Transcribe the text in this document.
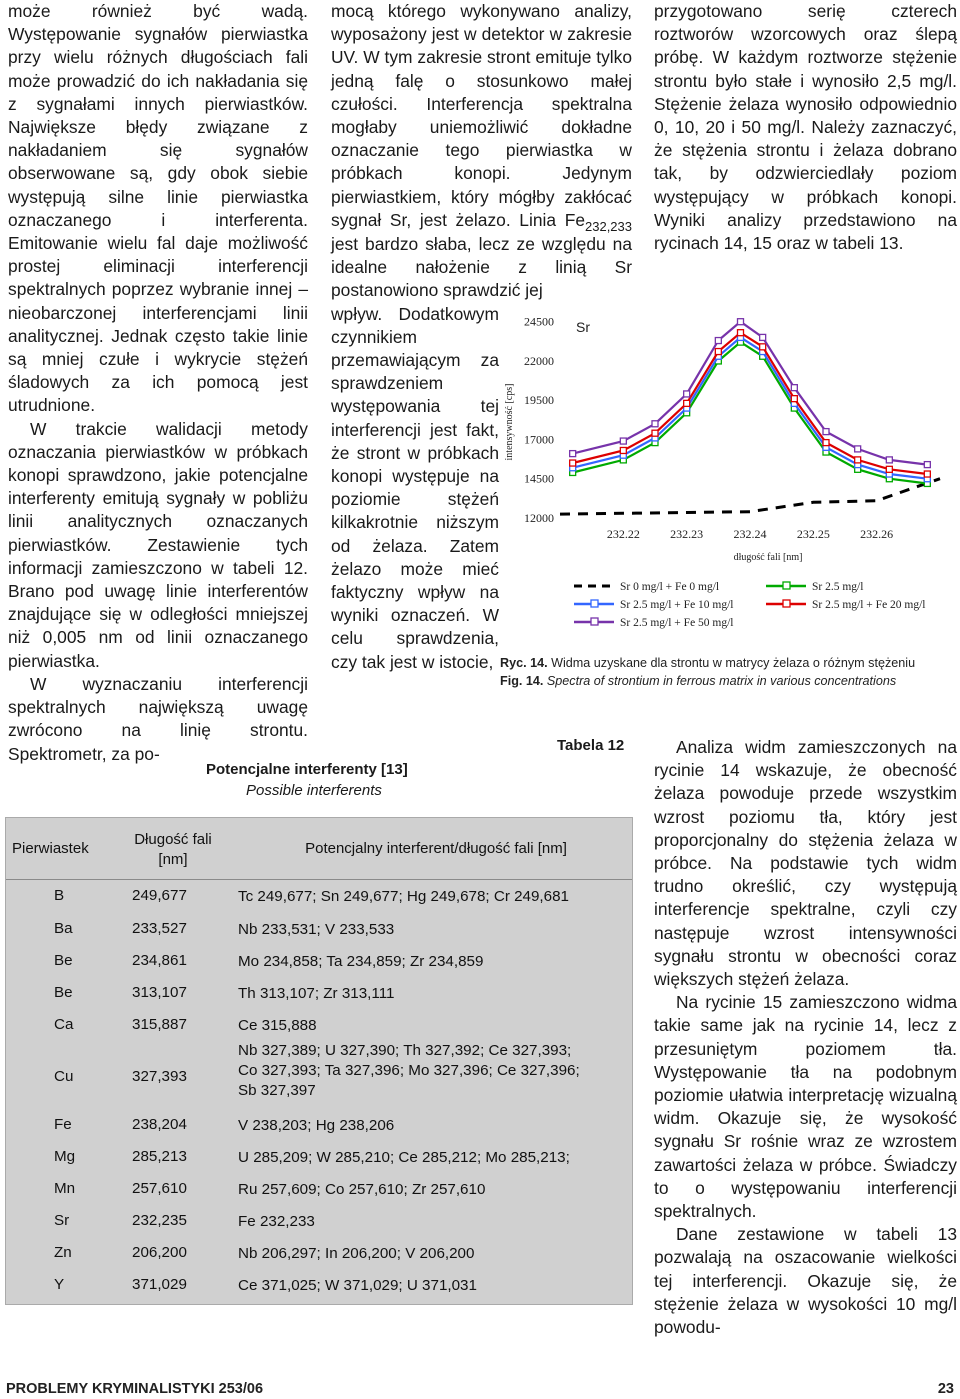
może również być wadą. Występowanie sygnałów pierwiastka przy wielu różnych długościach fali może prowadzić do ich nakładania się z sygnałami innych pierwiastków. Największe błędy związane z nakładaniem się sygnałów obserwowane są, gdy obok siebie występują silne linie pierwiastka oznaczanego i interferenta. Emitowanie wielu fal daje możliwość prostej eliminacji interferencji spektralnych poprzez wybranie innej – nieobarczonej interferencjami linii analitycznej. Jednak często takie linie są mniej czułe i wykrycie stężeń śladowych za ich pomocą jest utrudnione.

W trakcie walidacji metody oznaczania pierwiastków w próbkach konopi sprawdzono, jakie potencjalne interferenty emitują sygnały w pobliżu linii analitycznych oznaczanych pierwiastków. Zestawienie tych informacji zamieszczono w tabeli 12. Brano pod uwagę linie interferentów znajdujące się w odległości mniejszej niż 0,005 nm od linii oznaczanego pierwiastka.

W wyznaczaniu interferencji spektralnych największą uwagę zwrócono na linię strontu. Spektrometr, za po-

mocą którego wykonywano analizy, wyposażony jest w detektor w zakresie UV. W tym zakresie stront emituje tylko jedną falę o stosunkowo małej czułości. Interferencja spektralna mogłaby uniemożliwić dokładne oznaczanie tego pierwiastka w próbkach konopi. Jedynym pierwiastkiem, który mógłby zakłócać sygnał Sr, jest żelazo. Linia $Fe_{232,233}$ jest bardzo słaba, lecz ze względu na idealne nałożenie z linią Sr postanowiono sprawdzić jej

wpływ. Dodatkowym czynnikiem przemawiającym za sprawdzeniem występowania tej interferencji jest fakt, że stront w próbkach konopi występuje na poziomie stężeń kilkakrotnie niższym od żelaza. Zatem żelazo może mieć faktyczny wpływ na wyniki oznaczeń. W celu sprawdzenia, czy tak jest w istocie,

przygotowano serię czterech roztworów wzorcowych oraz ślepą próbę. W każdym roztworze stężenie strontu było stałe i wynosiło 2,5 mg/l. Stężenie żelaza wynosiło odpowiednio 0, 10, 20 i 50 mg/l. Należy zaznaczyć, że stężenia strontu i żelaza dobrano tak, by odzwierciedlały poziom występujący w próbkach konopi. Wyniki analizy przedstawiono na rycinach 14, 15 oraz w tabeli 13.

12000
14500
17000
19500
22000
24500
232.22	232.23	232.24	232.25	232.26
intensywność [cps]
długość fali [nm]
Sr
Sr 0 mg/l + Fe 0 mg/l
Sr 2.5 mg/l + Fe 10 mg/l
Sr 2.5 mg/l + Fe 50 mg/l
Sr 2.5 mg/l
Sr 2.5 mg/l + Fe 20 mg/l
Ryc. 14. Widma uzyskane dla strontu w matrycy żelaza o różnym stężeniu
Fig. 14. Spectra of strontium in ferrous matrix in various concentrations
Tabela 12
Potencjalne interferenty [13]
Possible interferents
Pierwiastek
Długość fali
[nm]
Potencjalny interferent/długość fali [nm]
B	249,677	Tc 249,677; Sn 249,677; Hg 249,678; Cr 249,681
Ba	233,527	Nb 233,531; V 233,533
Be	234,861	Mo 234,858; Ta 234,859; Zr 234,859
Be	313,107	Th 313,107; Zr 313,111
Ca	315,887	Ce 315,888
Cu	327,393
Nb 327,389; U 327,390; Th 327,392; Ce 327,393;
Co 327,393; Ta 327,396; Mo 327,396; Ce 327,396;
Sb 327,397
Fe	238,204	V 238,203; Hg 238,206
Mg	285,213	U 285,209; W 285,210; Ce 285,212; Mo 285,213;
Mn	257,610	Ru 257,609; Co 257,610; Zr 257,610
Sr	232,235	Fe 232,233
Zn	206,200	Nb 206,297; In 206,200; V 206,200
Y	371,029	Ce 371,025; W 371,029; U 371,031

Analiza widm zamieszczonych na rycinie 14 wskazuje, że obecność żelaza powoduje przede wszystkim wzrost poziomu tła, który jest proporcjonalny do stężenia żelaza w próbce. Na podstawie tych widm trudno określić, czy występują interferencje spektralne, czyli czy następuje wzrost intensywności sygnału strontu w obecności coraz większych stężeń żelaza.

Na rycinie 15 zamieszczono widma takie same jak na rycinie 14, lecz z przesuniętym poziomem tła. Występowanie tła na podobnym poziomie ułatwia interpretację wizualną widm. Okazuje się, że wysokość sygnału Sr rośnie wraz ze wzrostem zawartości żelaza w próbce. Świadczy to o występowaniu interferencji spektralnych.

Dane zestawione w tabeli 13 pozwalają na oszacowanie wielkości tej interferencji. Okazuje się, że stężenie żelaza w wysokości 10 mg/l powodu-

PROBLEMY KRYMINALISTYKI 253/06	23
